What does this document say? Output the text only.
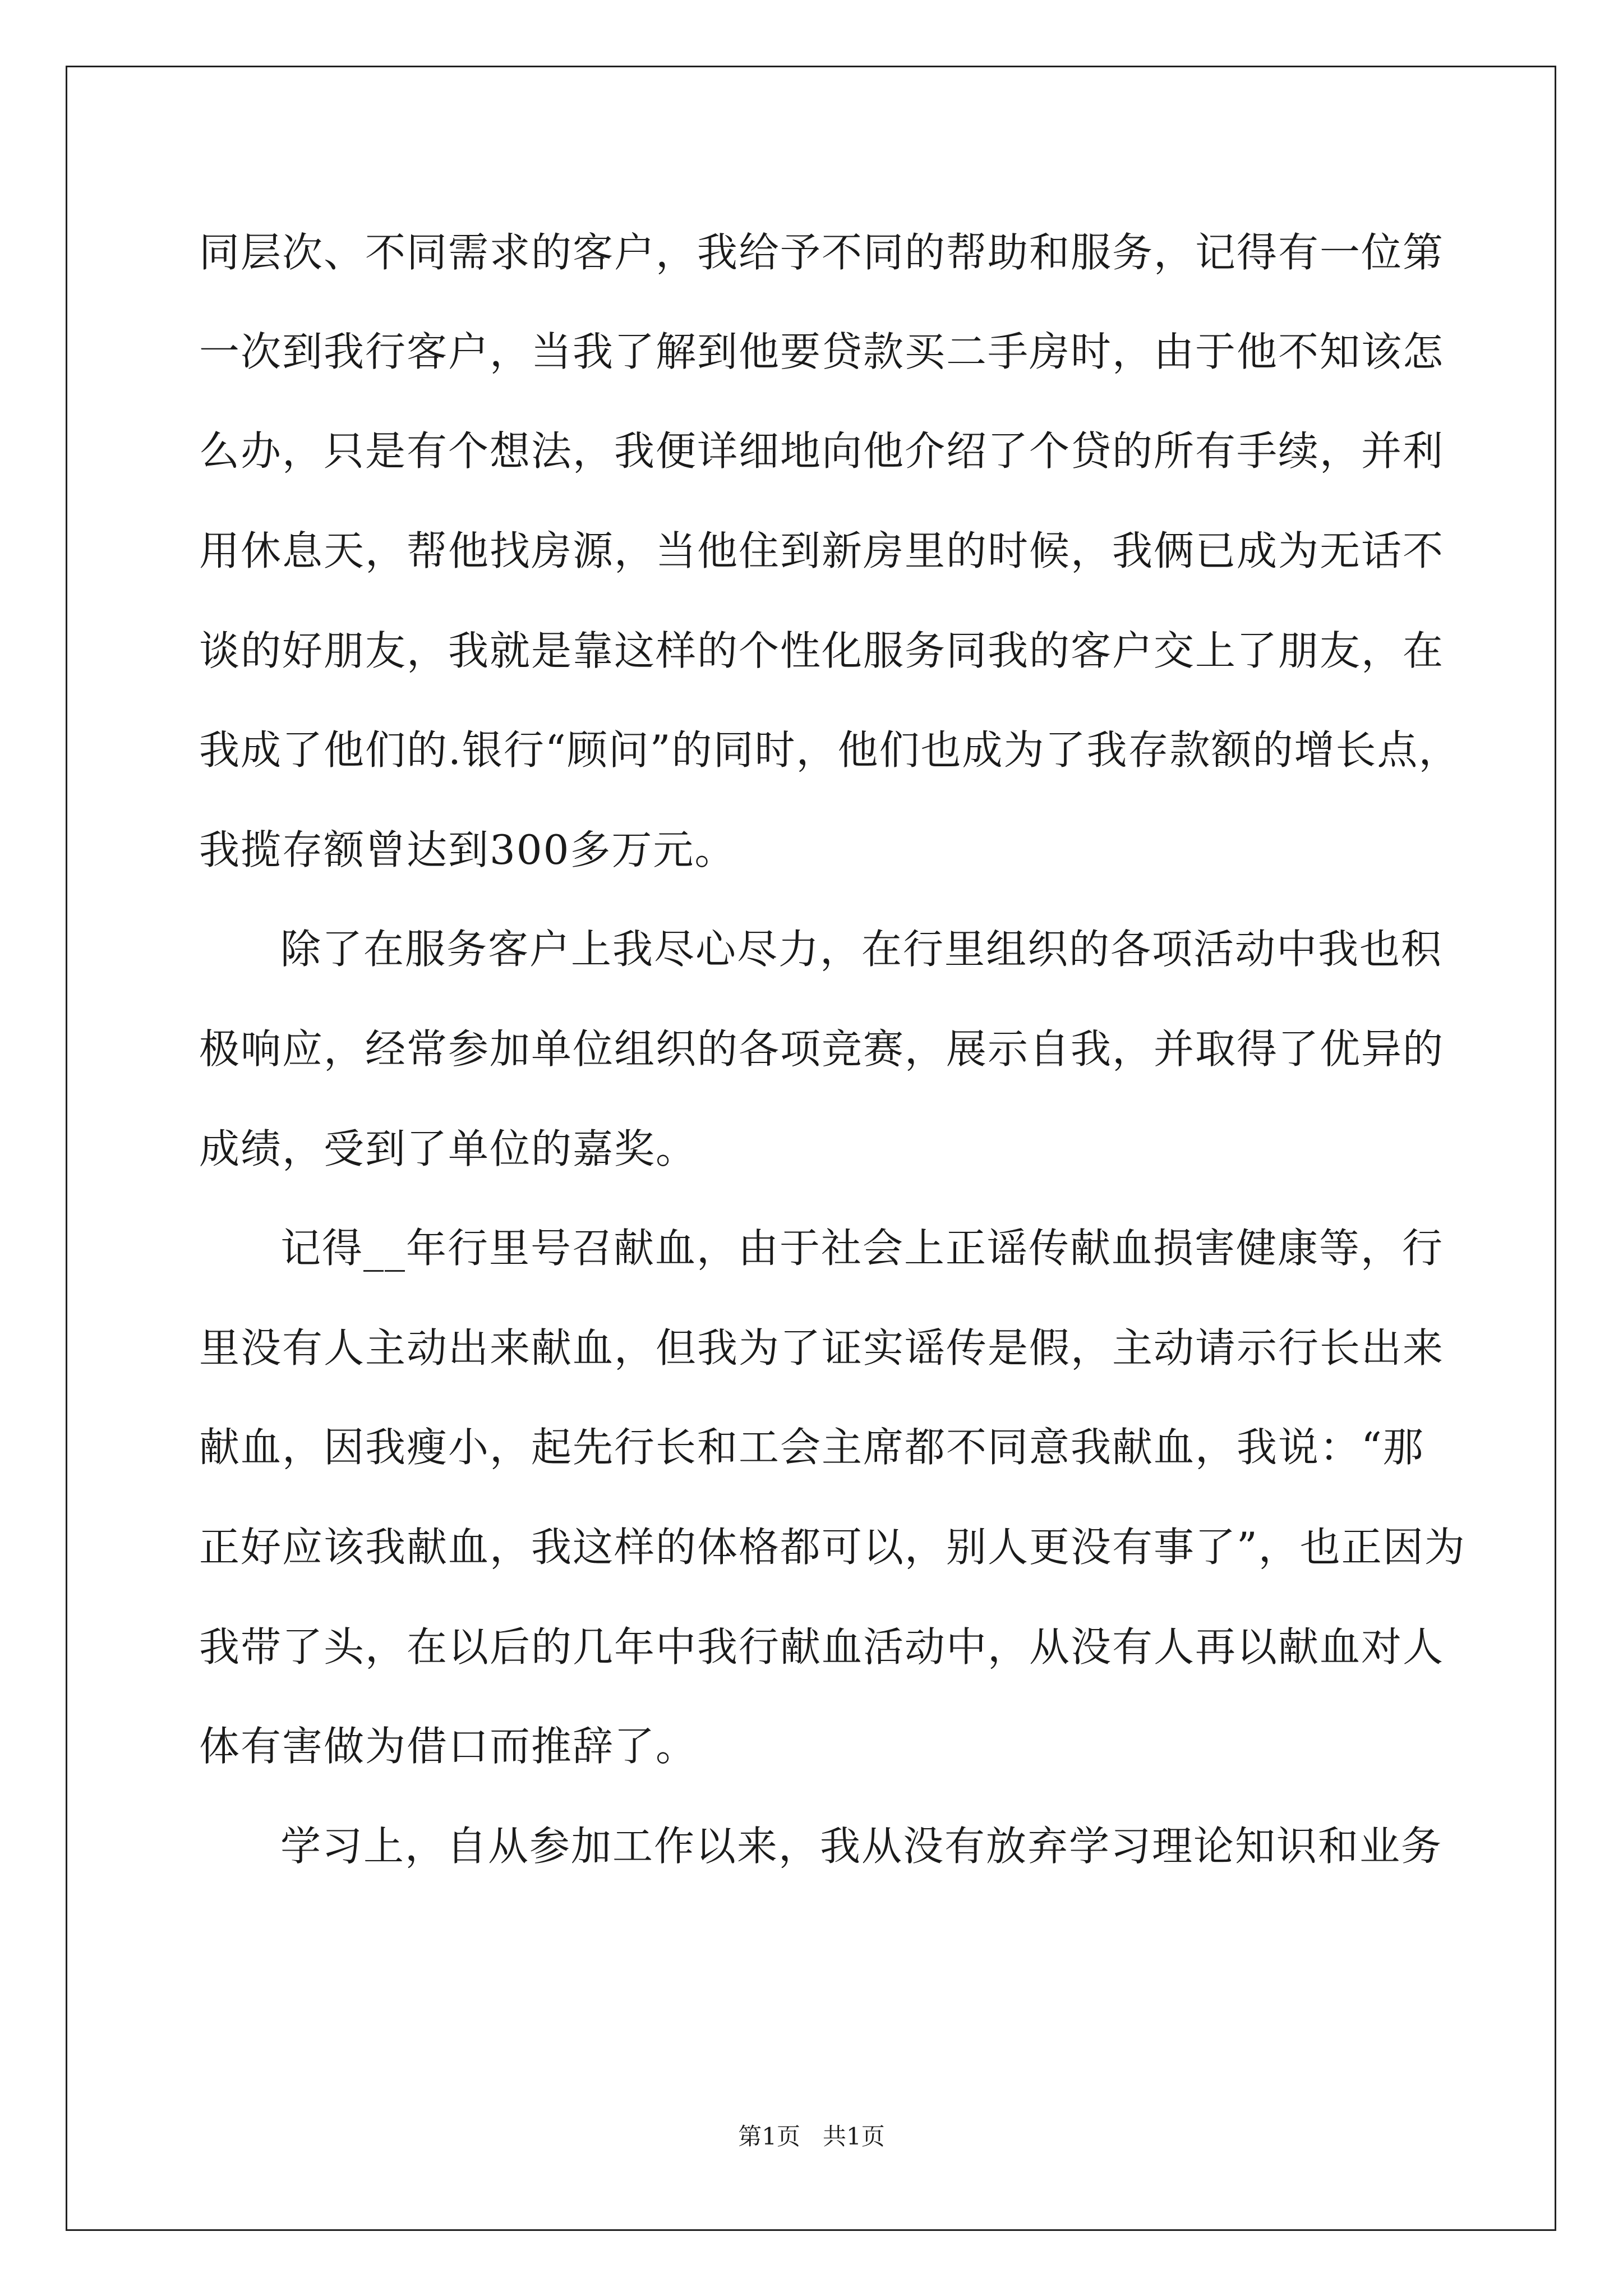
同层次、不同需求的客户，我给予不同的帮助和服务，记得有一位第
一次到我行客户，当我了解到他要贷款买二手房时，由于他不知该怎
么办，只是有个想法，我便详细地向他介绍了个贷的所有手续，并利
用休息天，帮他找房源，当他住到新房里的时候，我俩已成为无话不
谈的好朋友，我就是靠这样的个性化服务同我的客户交上了朋友，在
我成了他们的.银行“顾问”的同时，他们也成为了我存款额的增长点，
我揽存额曾达到300多万元。
除了在服务客户上我尽心尽力，在行里组织的各项活动中我也积
极响应，经常参加单位组织的各项竞赛，展示自我，并取得了优异的
成绩，受到了单位的嘉奖。
记得__年行里号召献血，由于社会上正谣传献血损害健康等，行
里没有人主动出来献血，但我为了证实谣传是假，主动请示行长出来
献血，因我瘦小，起先行长和工会主席都不同意我献血，我说：“那
正好应该我献血，我这样的体格都可以，别人更没有事了”，也正因为
我带了头，在以后的几年中我行献血活动中，从没有人再以献血对人
体有害做为借口而推辞了。
学习上，自从参加工作以来，我从没有放弃学习理论知识和业务
第1页 共1页
